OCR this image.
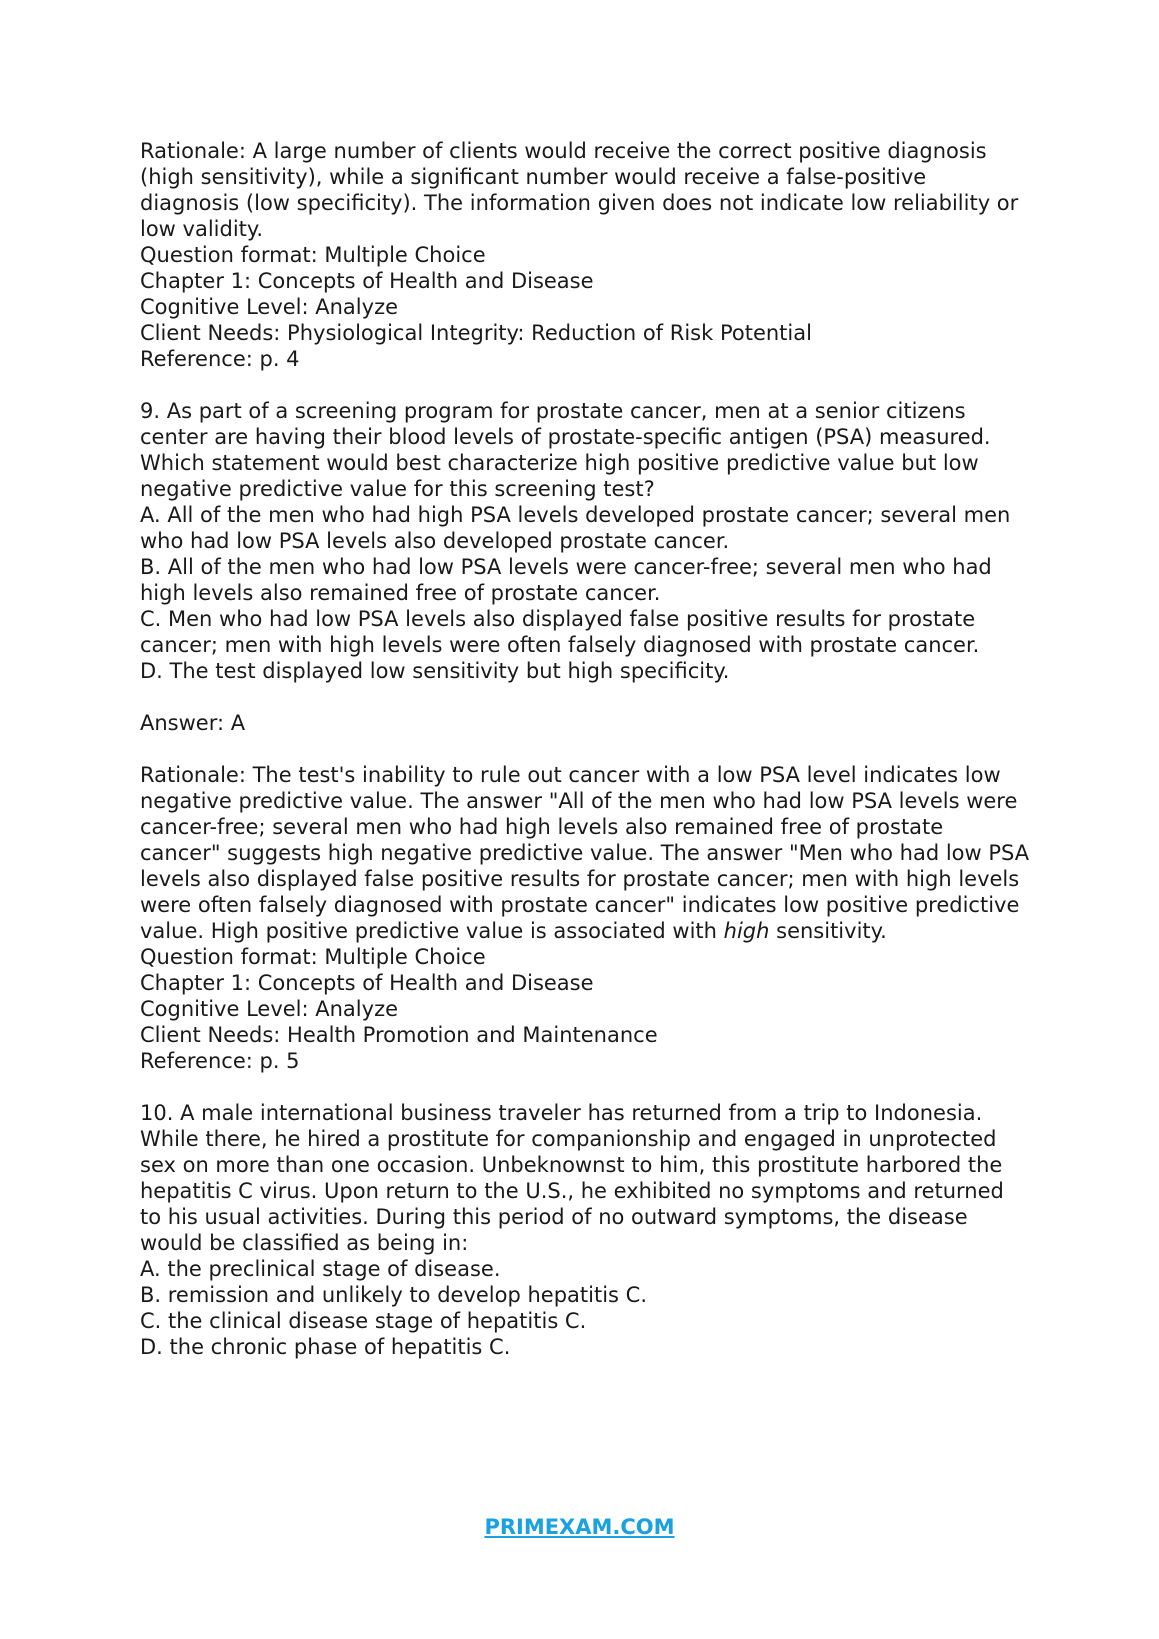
Rationale: A large number of clients would receive the correct positive diagnosis
(high sensitivity), while a significant number would receive a false-positive
diagnosis (low specificity). The information given does not indicate low reliability or
low validity.
Question format: Multiple Choice
Chapter 1: Concepts of Health and Disease
Cognitive Level: Analyze
Client Needs: Physiological Integrity: Reduction of Risk Potential
Reference: p. 4
9. As part of a screening program for prostate cancer, men at a senior citizens
center are having their blood levels of prostate-specific antigen (PSA) measured.
Which statement would best characterize high positive predictive value but low
negative predictive value for this screening test?
A. All of the men who had high PSA levels developed prostate cancer; several men
who had low PSA levels also developed prostate cancer.
B. All of the men who had low PSA levels were cancer-free; several men who had
high levels also remained free of prostate cancer.
C. Men who had low PSA levels also displayed false positive results for prostate
cancer; men with high levels were often falsely diagnosed with prostate cancer.
D. The test displayed low sensitivity but high specificity.
Answer: A
Rationale: The test's inability to rule out cancer with a low PSA level indicates low
negative predictive value. The answer "All of the men who had low PSA levels were
cancer-free; several men who had high levels also remained free of prostate
cancer" suggests high negative predictive value. The answer "Men who had low PSA
levels also displayed false positive results for prostate cancer; men with high levels
were often falsely diagnosed with prostate cancer" indicates low positive predictive
value. High positive predictive value is associated with high sensitivity.
Question format: Multiple Choice
Chapter 1: Concepts of Health and Disease
Cognitive Level: Analyze
Client Needs: Health Promotion and Maintenance
Reference: p. 5
10. A male international business traveler has returned from a trip to Indonesia.
While there, he hired a prostitute for companionship and engaged in unprotected
sex on more than one occasion. Unbeknownst to him, this prostitute harbored the
hepatitis C virus. Upon return to the U.S., he exhibited no symptoms and returned
to his usual activities. During this period of no outward symptoms, the disease
would be classified as being in:
A. the preclinical stage of disease.
B. remission and unlikely to develop hepatitis C.
C. the clinical disease stage of hepatitis C.
D. the chronic phase of hepatitis C.
PRIMEXAM.COM
